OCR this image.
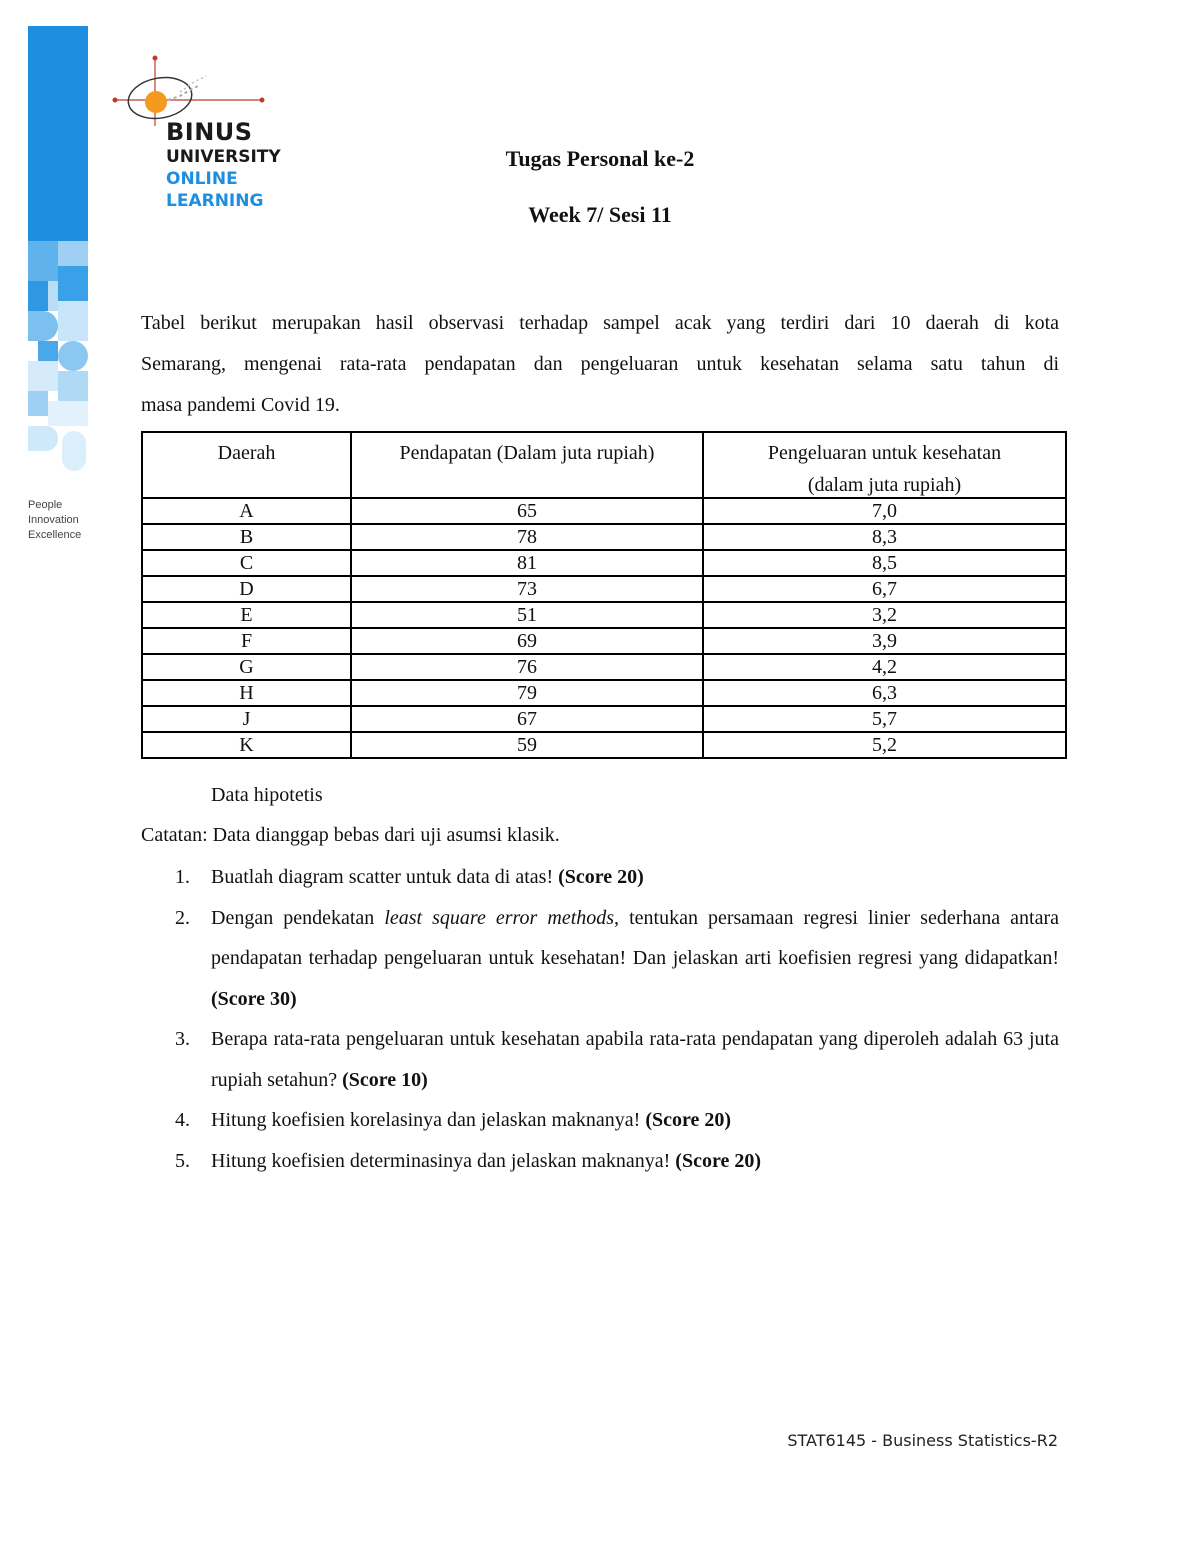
People
Innovation
Excellence
BINUS
UNIVERSITY
ONLINE
LEARNING
Tugas Personal ke-2
Week 7/ Sesi 11

Tabel berikut merupakan hasil observasi terhadap sampel acak yang terdiri dari 10 daerah di kota

Semarang, mengenai rata-rata pendapatan dan pengeluaran untuk kesehatan selama satu tahun di

masa pandemi Covid 19.

Daerah	Pendapatan (Dalam juta rupiah)	Pengeluaran untuk kesehatan
(dalam juta rupiah)

A	65	7,0
B	78	8,3
C	81	8,5
D	73	6,7
E	51	3,2
F	69	3,9
G	76	4,2
H	79	6,3
J	67	5,7
K	59	5,2
Data hipotetis
Catatan: Data dianggap bebas dari uji asumsi klasik.
1. Buatlah diagram scatter untuk data di atas! (Score 20)
2. Dengan pendekatan least square error methods, tentukan persamaan regresi linier sederhana antara pendapatan terhadap pengeluaran untuk kesehatan! Dan jelaskan arti koefisien regresi yang didapatkan! (Score 30)
3. Berapa rata-rata pengeluaran untuk kesehatan apabila rata-rata pendapatan yang diperoleh adalah 63 juta rupiah setahun? (Score 10)
4. Hitung koefisien korelasinya dan jelaskan maknanya! (Score 20)
5. Hitung koefisien determinasinya dan jelaskan maknanya! (Score 20)
STAT6145 - Business Statistics-R2
